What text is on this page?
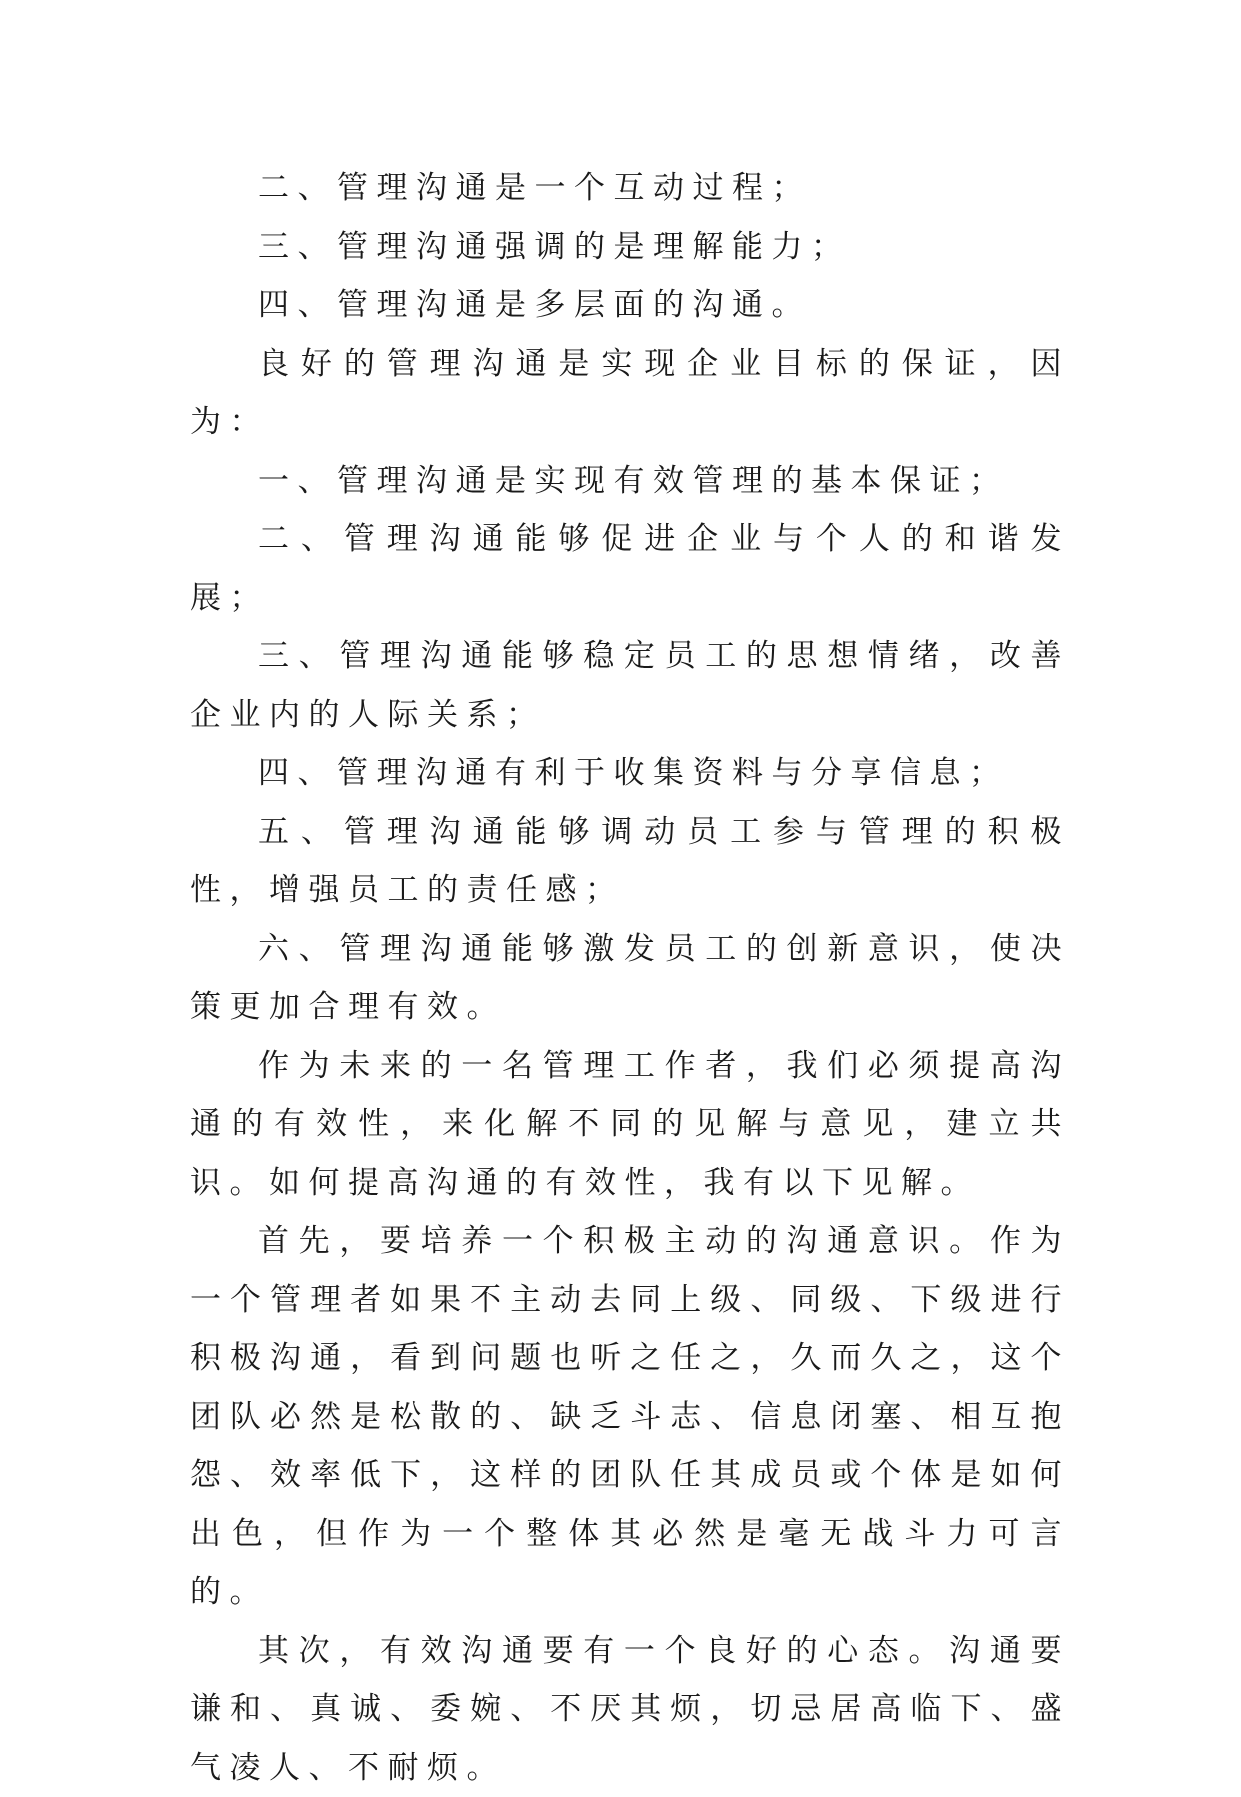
二、管理沟通是一个互动过程；

三、管理沟通强调的是理解能力；

四、管理沟通是多层面的沟通。

良好的管理沟通是实现企业目标的保证，因为：

一、管理沟通是实现有效管理的基本保证；

二、管理沟通能够促进企业与个人的和谐发展；

三、管理沟通能够稳定员工的思想情绪，改善企业内的人际关系；

四、管理沟通有利于收集资料与分享信息；

五、管理沟通能够调动员工参与管理的积极性，增强员工的责任感；

六、管理沟通能够激发员工的创新意识，使决策更加合理有效。

作为未来的一名管理工作者，我们必须提高沟通的有效性，来化解不同的见解与意见，建立共识。如何提高沟通的有效性，我有以下见解。

首先，要培养一个积极主动的沟通意识。作为一个管理者如果不主动去同上级、同级、下级进行积极沟通，看到问题也听之任之，久而久之，这个团队必然是松散的、缺乏斗志、信息闭塞、相互抱怨、效率低下，这样的团队任其成员或个体是如何出色，但作为一个整体其必然是毫无战斗力可言的。

其次，有效沟通要有一个良好的心态。沟通要谦和、真诚、委婉、不厌其烦，切忌居高临下、盛气凌人、不耐烦。
